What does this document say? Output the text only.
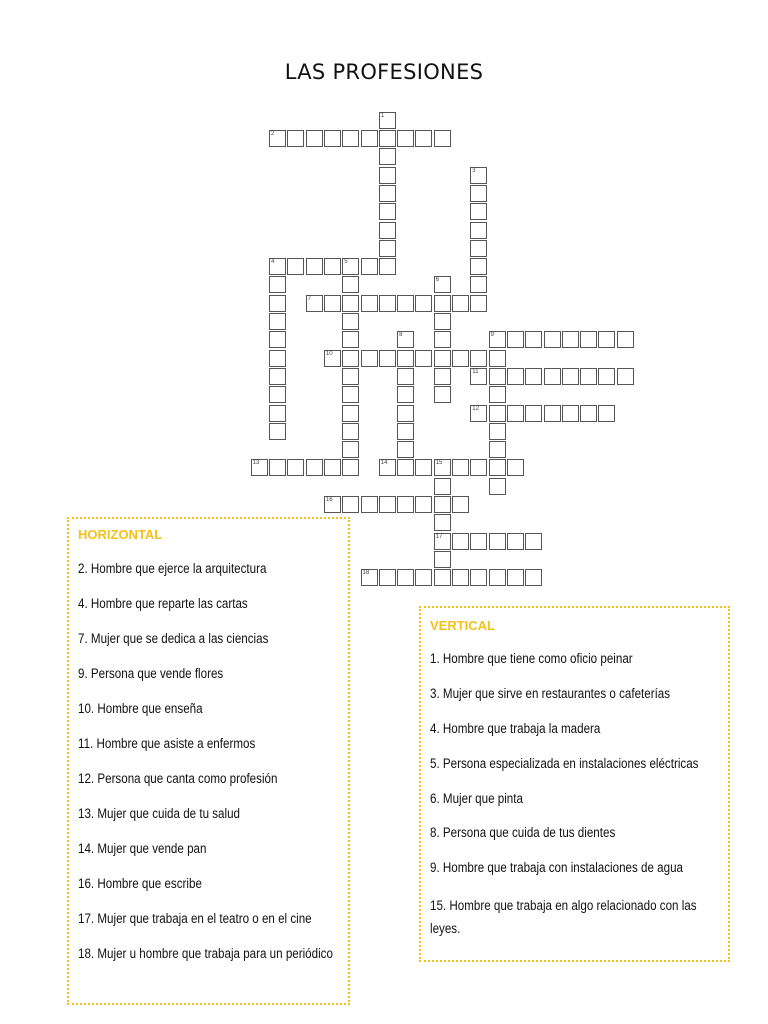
LAS PROFESIONES
2
1
3
4	5
6
7
8	9
10
11
12
13	14	15
17
16
18
HORIZONTAL
2. Hombre que ejerce la arquitectura
4. Hombre que reparte las cartas
7. Mujer que se dedica a las ciencias
9. Persona que vende flores
10. Hombre que enseña
11. Hombre que asiste a enfermos
12. Persona que canta como profesión
13. Mujer que cuida de tu salud
14. Mujer que vende pan
16. Hombre que escribe
17. Mujer que trabaja en el teatro o en el cine
18. Mujer u hombre que trabaja para un periódico
VERTICAL
1. Hombre que tiene como oficio peinar
3. Mujer que sirve en restaurantes o cafeterías
4. Hombre que trabaja la madera
5. Persona especializada en instalaciones eléctricas
6. Mujer que pinta
8. Persona que cuida de tus dientes
9. Hombre que trabaja con instalaciones de agua
15. Hombre que trabaja en algo relacionado con las leyes.
